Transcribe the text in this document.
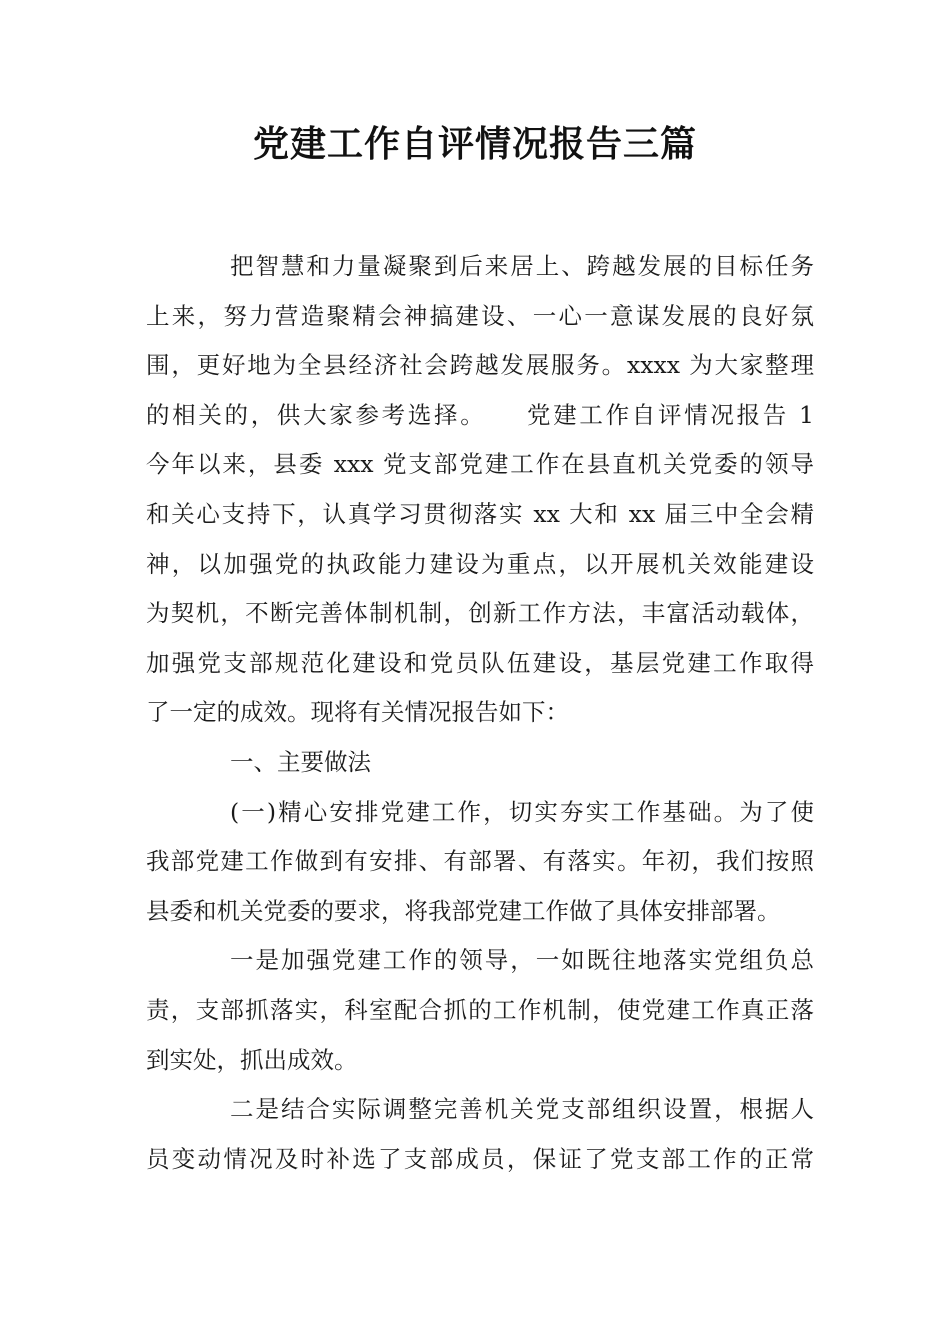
党建工作自评情况报告三篇
把智慧和力量凝聚到后来居上、跨越发展的目标任务
上来，努力营造聚精会神搞建设、一心一意谋发展的良好氛
围，更好地为全县经济社会跨越发展服务。xxxx 为大家整理
的相关的，供大家参考选择。　　党建工作自评情况报告 1
今年以来，县委 xxx 党支部党建工作在县直机关党委的领导
和关心支持下，认真学习贯彻落实 xx 大和 xx 届三中全会精
神，以加强党的执政能力建设为重点，以开展机关效能建设
为契机，不断完善体制机制，创新工作方法，丰富活动载体，
加强党支部规范化建设和党员队伍建设，基层党建工作取得
了一定的成效。现将有关情况报告如下：
一、主要做法
(一)精心安排党建工作，切实夯实工作基础。为了使
我部党建工作做到有安排、有部署、有落实。年初，我们按照
县委和机关党委的要求，将我部党建工作做了具体安排部署。
一是加强党建工作的领导，一如既往地落实党组负总
责，支部抓落实，科室配合抓的工作机制，使党建工作真正落
到实处，抓出成效。
二是结合实际调整完善机关党支部组织设置，根据人
员变动情况及时补选了支部成员，保证了党支部工作的正常
